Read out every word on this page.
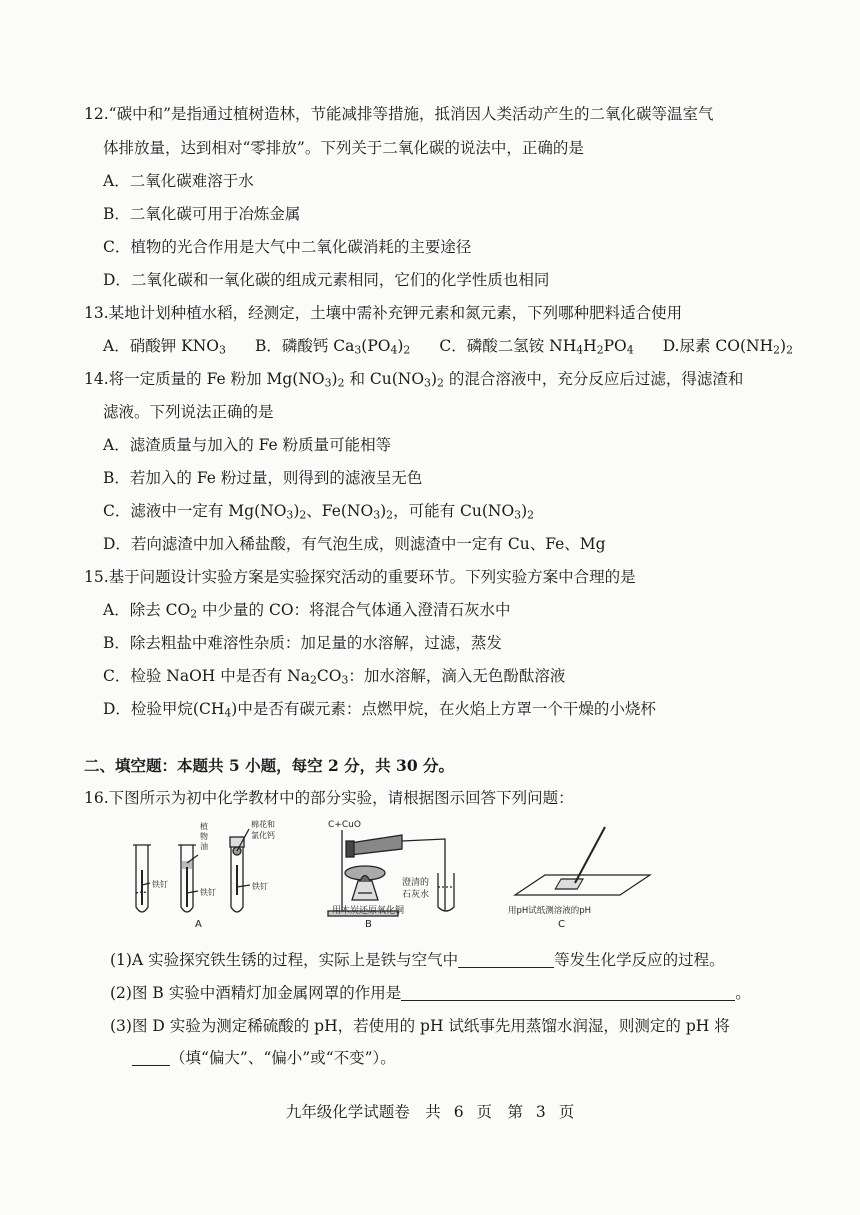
12.“碳中和”是指通过植树造林，节能减排等措施，抵消因人类活动产生的二氧化碳等温室气
体排放量，达到相对“零排放”。下列关于二氧化碳的说法中，正确的是
A．二氧化碳难溶于水
B．二氧化碳可用于冶炼金属
C．植物的光合作用是大气中二氧化碳消耗的主要途径
D．二氧化碳和一氧化碳的组成元素相同，它们的化学性质也相同
13.某地计划种植水稻，经测定，土壤中需补充钾元素和氮元素，下列哪种肥料适合使用
A．硝酸钾 $KNO_3$ B．磷酸钙 $Ca_3(PO_4)_2$ C．磷酸二氢铵 $NH_4H_2PO_4$ D.尿素 $CO(NH_2)_2$
14.将一定质量的 Fe 粉加 $Mg(NO_3)_2$ 和 $Cu(NO_3)_2$ 的混合溶液中，充分反应后过滤，得滤渣和
滤液。下列说法正确的是
A．滤渣质量与加入的 Fe 粉质量可能相等
B．若加入的 Fe 粉过量，则得到的滤液呈无色
C．滤液中一定有 $Mg(NO_3)_2$、$Fe(NO_3)_2$，可能有 $Cu(NO_3)_2$
D．若向滤渣中加入稀盐酸，有气泡生成，则滤渣中一定有 Cu、Fe、Mg
15.基于问题设计实验方案是实验探究活动的重要环节。下列实验方案中合理的是
A．除去 $CO_2$ 中少量的 CO：将混合气体通入澄清石灰水中
B．除去粗盐中难溶性杂质：加足量的水溶解，过滤，蒸发
C．检验 NaOH 中是否有 $Na_2CO_3$：加水溶解，滴入无色酚酞溶液
D．检验甲烷$(CH_4)$中是否有碳元素：点燃甲烷，在火焰上方罩一个干燥的小烧杯
二、填空题：本题共 5 小题，每空 2 分，共 30 分。
16.下图所示为初中化学教材中的部分实验，请根据图示回答下列问题：
铁钉
植物油
铁钉
棉花和
氯化钙
铁钉
A
C+CuO
澄清的
石灰水
用木炭还原氧化铜
B
用pH试纸测溶液的pH
C
(1)A 实验探究铁生锈的过程，实际上是铁与空气中	等发生化学反应的过程。
(2)图 B 实验中酒精灯加金属网罩的作用是	。
(3)图 D 实验为测定稀硫酸的 pH，若使用的 pH 试纸事先用蒸馏水润湿，则测定的 pH 将
（填“偏大”、“偏小”或“不变”）。
九年级化学试题卷　共 6 页　第 3 页
